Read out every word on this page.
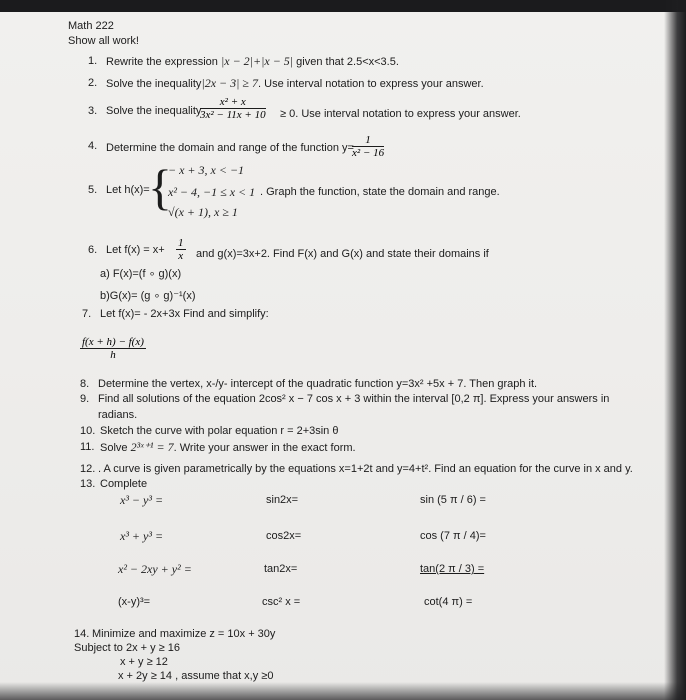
Math 222
Show all work!
1. Rewrite the expression |x − 2|+|x − 5| given that 2.5<x<3.5.
2. Solve the inequality|2x − 3| ≥ 7. Use interval notation to express your answer.
3. Solve the inequality
$\frac{\text{x² + x}}{\text{3x² − 11x + 10}} \ge 0$. Use interval notation to express your answer.
4. Determine the domain and range of the function y=
$\frac{1}{\text{x² − 16}}$
5. Let h(x)=
{
− x + 3, x < −1
x² − 4, −1 ≤ x < 1
√(x + 1), x ≥ 1
. Graph the function, state the domain and range.
6. Let $f(x) = x+ \frac{1}{x}$ and g(x)=3x+2. Find F(x) and G(x) and state their domains if
a) F(x)=(f ∘ g)(x)
b)G(x)= (g ∘ g)⁻¹(x)
7. Let f(x)= - 2x+3x Find and simplify:
$\frac{f(x + h) - f(x)}{h}$
8. Determine the vertex, x-/y- intercept of the quadratic function y=3x² +5x + 7. Then graph it.
9. Find all solutions of the equation 2cos² x − 7 cos x + 3 within the interval [0,2 π]. Express your answers in
radians.
10. Sketch the curve with polar equation r = 2+3sin θ
11. Solve 2³ˣ⁺¹ = 7. Write your answer in the exact form.
12. . A curve is given parametrically by the equations x=1+2t and y=4+t². Find an equation for the curve in x and y.
13. Complete
x³ − y³ =	sin2x=	sin (5 π / 6) =
x³ + y³ =	cos2x=	cos (7 π / 4)=
x² − 2xy + y² =	tan2x=	tan(2 π / 3) =
(x-y)³=	csc² x =	cot(4 π) =
14. Minimize and maximize z = 10x + 30y
Subject to 2x + y ≥ 16
x + y ≥ 12
x + 2y ≥ 14 , assume that x,y ≥0
